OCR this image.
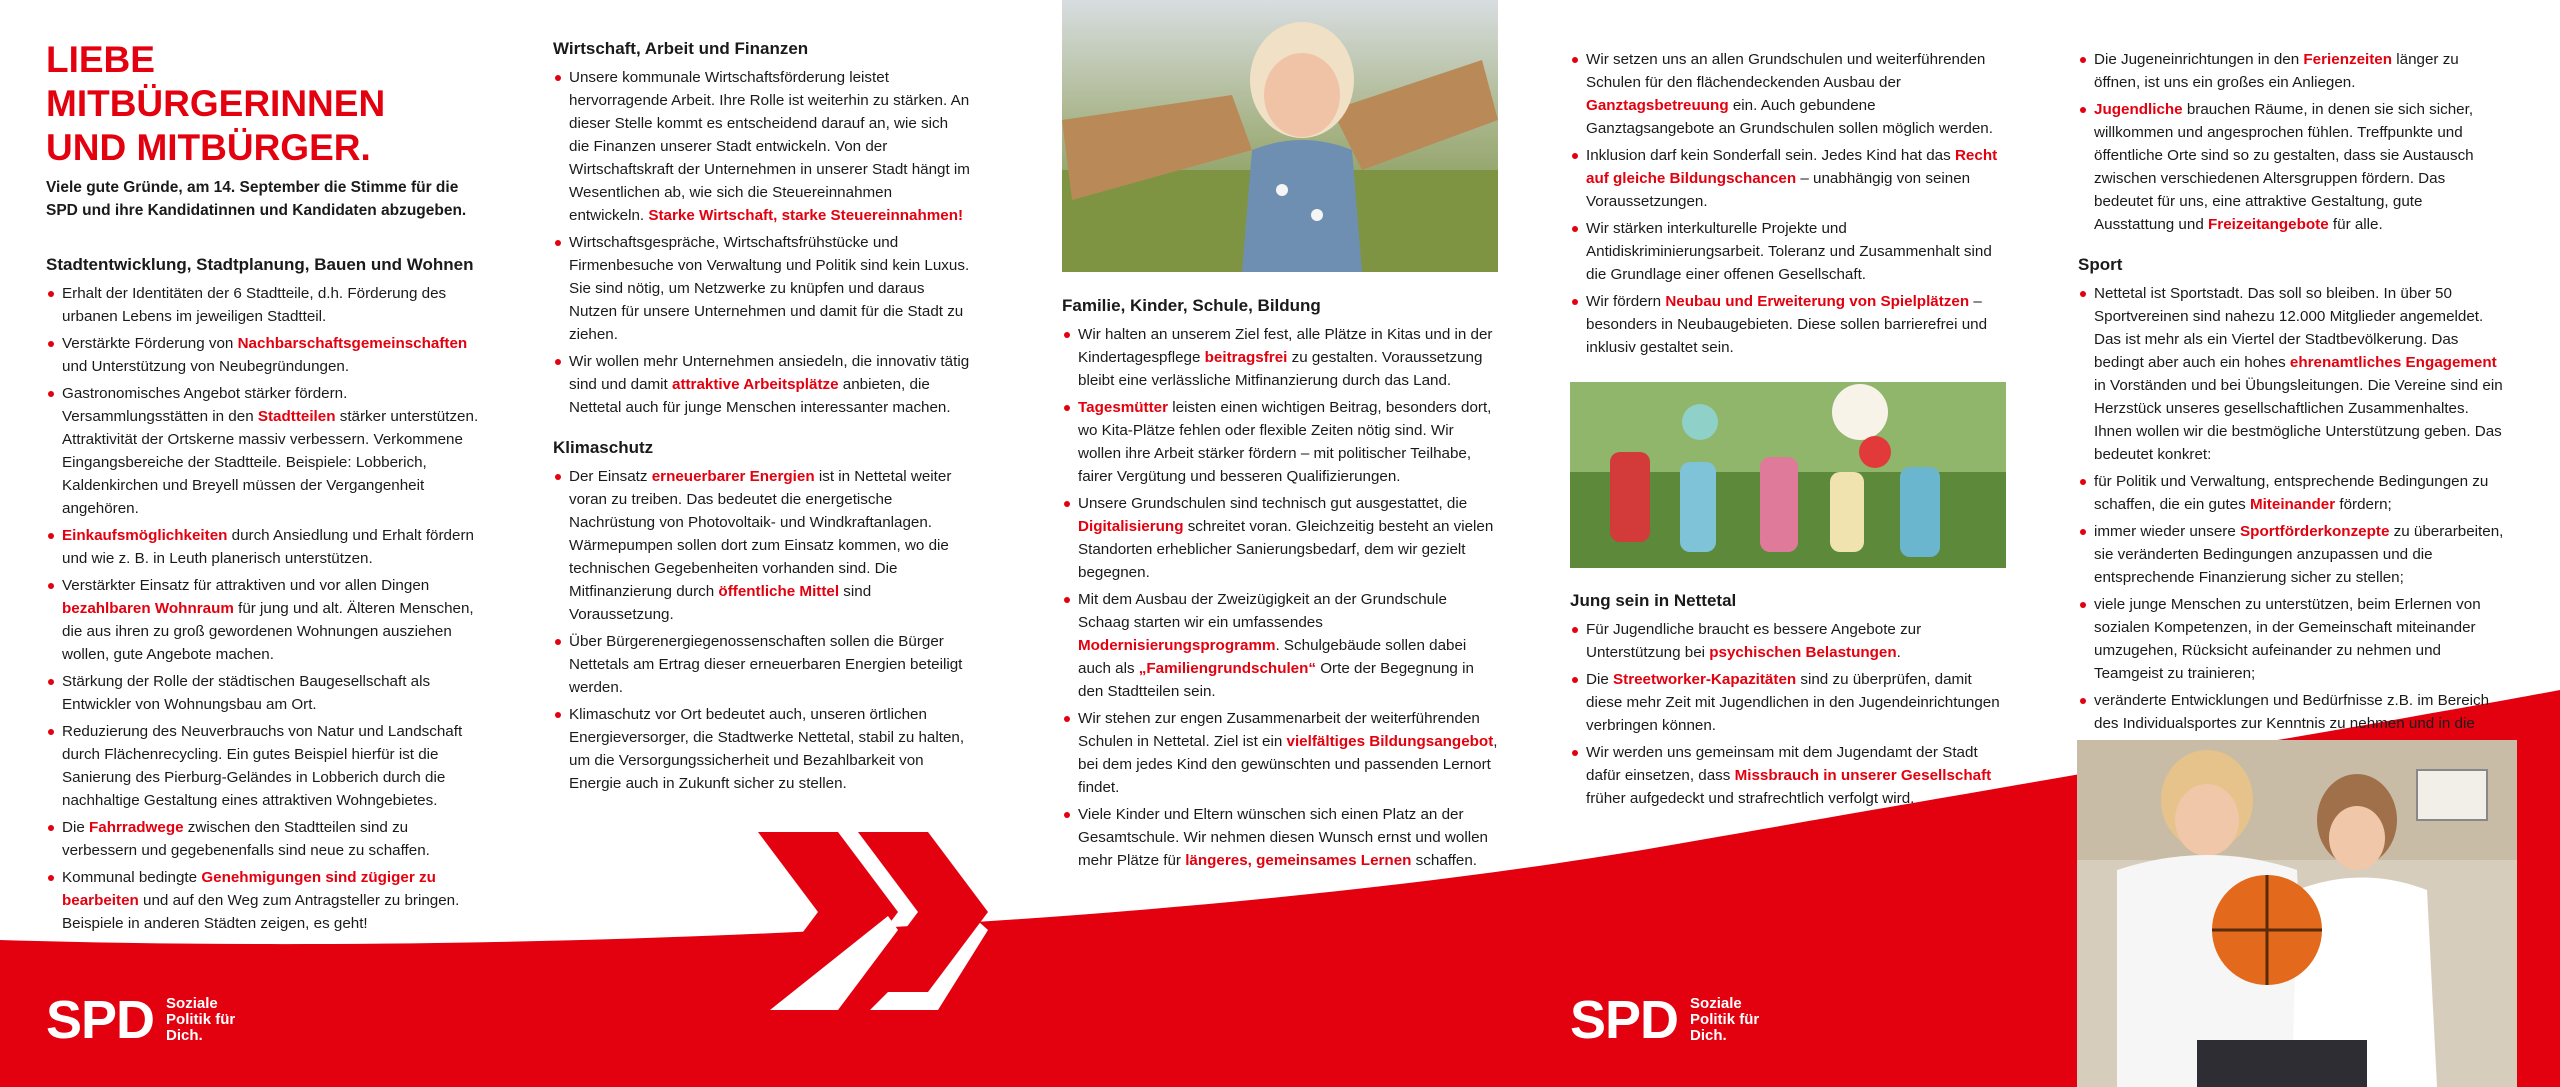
LIEBE MITBÜRGERINNEN
UND MITBÜRGER.

Viele gute Gründe, am 14. September die Stimme für die
SPD und ihre Kandidatinnen und Kandidaten abzugeben.

Stadtentwicklung, Stadtplanung, Bauen und Wohnen
Erhalt der Identitäten der 6 Stadtteile, d.h. Förderung des urbanen Lebens im jeweiligen Stadtteil.
Verstärkte Förderung von Nachbarschaftsgemeinschaften und Unterstützung von Neubegründungen.
Gastronomisches Angebot stärker fördern. Versammlungsstätten in den Stadtteilen stärker unterstützen. Attraktivität der Ortskerne massiv verbessern. Verkommene Eingangsbereiche der Stadtteile. Beispiele: Lobberich, Kaldenkirchen und Breyell müssen der Vergangenheit angehören.
Einkaufsmöglichkeiten durch Ansiedlung und Erhalt fördern und wie z. B. in Leuth planerisch unterstützen.
Verstärkter Einsatz für attraktiven und vor allen Dingen bezahlbaren Wohnraum für jung und alt. Älteren Menschen, die aus ihren zu groß gewordenen Wohnungen ausziehen wollen, gute Angebote machen.
Stärkung der Rolle der städtischen Baugesellschaft als Entwickler von Wohnungsbau am Ort.
Reduzierung des Neuverbrauchs von Natur und Landschaft durch Flächenrecycling. Ein gutes Beispiel hierfür ist die Sanierung des Pierburg-Geländes in Lobberich durch die nachhaltige Gestaltung eines attraktiven Wohngebietes.
Die Fahrradwege zwischen den Stadtteilen sind zu verbessern und gegebenenfalls sind neue zu schaffen.
Kommunal bedingte Genehmigungen sind zügiger zu bearbeiten und auf den Weg zum Antragsteller zu bringen. Beispiele in anderen Städten zeigen, es geht!
Wirtschaft, Arbeit und Finanzen
Unsere kommunale Wirtschaftsförderung leistet hervorragende Arbeit. Ihre Rolle ist weiterhin zu stärken. An dieser Stelle kommt es entscheidend darauf an, wie sich die Finanzen unserer Stadt entwickeln. Von der Wirtschaftskraft der Unternehmen in unserer Stadt hängt im Wesentlichen ab, wie sich die Steuereinnahmen entwickeln. Starke Wirtschaft, starke Steuereinnahmen!
Wirtschaftsgespräche, Wirtschaftsfrühstücke und Firmenbesuche von Verwaltung und Politik sind kein Luxus. Sie sind nötig, um Netzwerke zu knüpfen und daraus Nutzen für unsere Unternehmen und damit für die Stadt zu ziehen.
Wir wollen mehr Unternehmen ansiedeln, die innovativ tätig sind und damit attraktive Arbeitsplätze anbieten, die Nettetal auch für junge Menschen interessanter machen.
Klimaschutz
Der Einsatz erneuerbarer Energien ist in Nettetal weiter voran zu treiben. Das bedeutet die energetische Nachrüstung von Photovoltaik- und Windkraftanlagen. Wärmepumpen sollen dort zum Einsatz kommen, wo die technischen Gegebenheiten vorhanden sind. Die Mitfinanzierung durch öffentliche Mittel sind Voraussetzung.
Über Bürgerenergiegenossenschaften sollen die Bürger Nettetals am Ertrag dieser erneuerbaren Energien beteiligt werden.
Klimaschutz vor Ort bedeutet auch, unseren örtlichen Energieversorger, die Stadtwerke Nettetal, stabil zu halten, um die Versorgungssicherheit und Bezahlbarkeit von Energie auch in Zukunft sicher zu stellen.
Familie, Kinder, Schule, Bildung
Wir halten an unserem Ziel fest, alle Plätze in Kitas und in der Kindertagespflege beitragsfrei zu gestalten. Voraussetzung bleibt eine verlässliche Mitfinanzierung durch das Land.
Tagesmütter leisten einen wichtigen Beitrag, besonders dort, wo Kita-Plätze fehlen oder flexible Zeiten nötig sind. Wir wollen ihre Arbeit stärker fördern – mit politischer Teilhabe, fairer Vergütung und besseren Qualifizierungen.
Unsere Grundschulen sind technisch gut ausgestattet, die Digitalisierung schreitet voran. Gleichzeitig besteht an vielen Standorten erheblicher Sanierungsbedarf, dem wir gezielt begegnen.
Mit dem Ausbau der Zweizügigkeit an der Grundschule Schaag starten wir ein umfassendes Modernisierungsprogramm. Schulgebäude sollen dabei auch als „Familiengrundschulen“ Orte der Begegnung in den Stadtteilen sein.
Wir stehen zur engen Zusammenarbeit der weiterführenden Schulen in Nettetal. Ziel ist ein vielfältiges Bildungsangebot, bei dem jedes Kind den gewünschten und passenden Lernort findet.
Viele Kinder und Eltern wünschen sich einen Platz an der Gesamtschule. Wir nehmen diesen Wunsch ernst und wollen mehr Plätze für längeres, gemeinsames Lernen schaffen.
Wir setzen uns an allen Grundschulen und weiterführenden Schulen für den flächendeckenden Ausbau der Ganztagsbetreuung ein. Auch gebundene Ganztagsangebote an Grundschulen sollen möglich werden.
Inklusion darf kein Sonderfall sein. Jedes Kind hat das Recht auf gleiche Bildungschancen – unabhängig von seinen Voraussetzungen.
Wir stärken interkulturelle Projekte und Antidiskriminierungsarbeit. Toleranz und Zusammenhalt sind die Grundlage einer offenen Gesellschaft.
Wir fördern Neubau und Erweiterung von Spielplätzen – besonders in Neubaugebieten. Diese sollen barrierefrei und inklusiv gestaltet sein.
Jung sein in Nettetal
Für Jugendliche braucht es bessere Angebote zur Unterstützung bei psychischen Belastungen.
Die Streetworker-Kapazitäten sind zu überprüfen, damit diese mehr Zeit mit Jugendlichen in den Jugendeinrichtungen verbringen können.
Wir werden uns gemeinsam mit dem Jugendamt der Stadt dafür einsetzen, dass Missbrauch in unserer Gesellschaft früher aufgedeckt und strafrechtlich verfolgt wird.
Die Jugeneinrichtungen in den Ferienzeiten länger zu öffnen, ist uns ein großes ein Anliegen.
Jugendliche brauchen Räume, in denen sie sich sicher, willkommen und angesprochen fühlen. Treffpunkte und öffentliche Orte sind so zu gestalten, dass sie Austausch zwischen verschiedenen Altersgruppen fördern. Das bedeutet für uns, eine attraktive Gestaltung, gute Ausstattung und Freizeitangebote für alle.
Sport
Nettetal ist Sportstadt. Das soll so bleiben. In über 50 Sportvereinen sind nahezu 12.000 Mitglieder angemeldet. Das ist mehr als ein Viertel der Stadtbevölkerung. Das bedingt aber auch ein hohes ehrenamtliches Engagement in Vorständen und bei Übungsleitungen. Die Vereine sind ein Herzstück unseres gesellschaftlichen Zusammenhaltes. Ihnen wollen wir die bestmögliche Unterstützung geben. Das bedeutet konkret:
für Politik und Verwaltung, entsprechende Bedingungen zu schaffen, die ein gutes Miteinander fördern;
immer wieder unsere Sportförderkonzepte zu überarbeiten, sie veränderten Bedingungen anzupassen und die entsprechende Finanzierung sicher zu stellen;
viele junge Menschen zu unterstützen, beim Erlernen von sozialen Kompetenzen, in der Gemeinschaft miteinander umzugehen, Rücksicht aufeinander zu nehmen und Teamgeist zu trainieren;
veränderte Entwicklungen und Bedürfnisse z.B. im Bereich des Individualsportes zur Kenntnis zu nehmen und in die
SPD Soziale
Politik für
Dich.	SPD Soziale
Politik für
Dich.
